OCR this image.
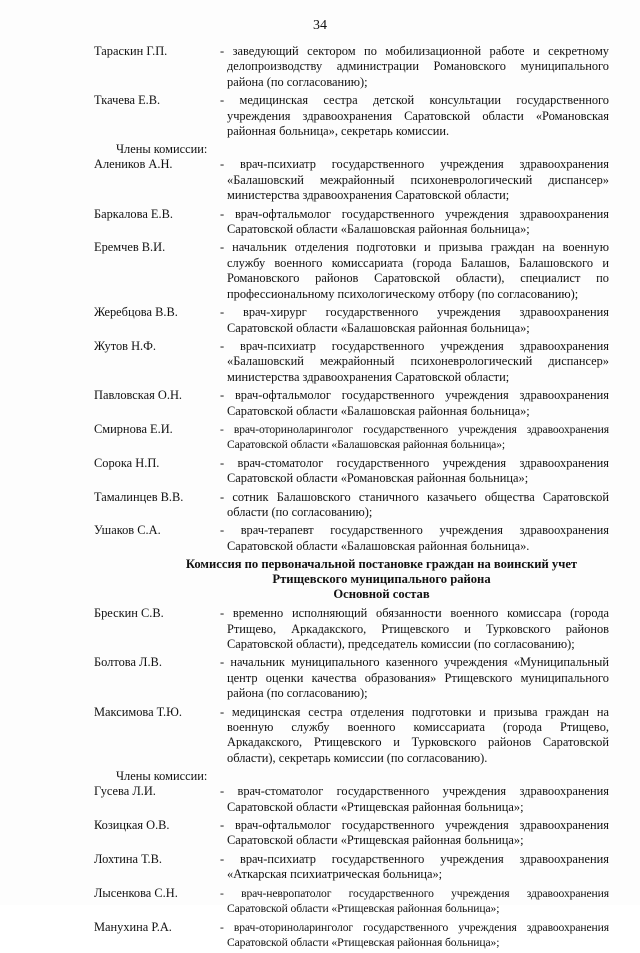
34
Тараскин Г.П.	- заведующий сектором по мобилизационной работе и секретному делопроизводству администрации Романовского муниципального района (по согласованию);
Ткачева Е.В.	- медицинская сестра детской консультации государственного учреждения здравоохранения Саратовской области «Романовская районная больница», секретарь комиссии.
Члены комиссии:
Алеников А.Н.	- врач-психиатр государственного учреждения здравоохранения «Балашовский межрайонный психоневрологический диспансер» министерства здравоохранения Саратовской области;
Баркалова Е.В.	- врач-офтальмолог государственного учреждения здравоохранения Саратовской области «Балашовская районная больница»;
Еремчев В.И.	- начальник отделения подготовки и призыва граждан на военную службу военного комиссариата (города Балашов, Балашовского и Романовского районов Саратовской области), специалист по профессиональному психологическому отбору (по согласованию);
Жеребцова В.В.	- врач-хирург государственного учреждения здравоохранения Саратовской области «Балашовская районная больница»;
Жутов Н.Ф.	- врач-психиатр государственного учреждения здравоохранения «Балашовский межрайонный психоневрологический диспансер» министерства здравоохранения Саратовской области;
Павловская О.Н.	- врач-офтальмолог государственного учреждения здравоохранения Саратовской области «Балашовская районная больница»;
Смирнова Е.И.	- врач-оториноларинголог государственного учреждения здравоохранения Саратовской области «Балашовская районная больница»;
Сорока Н.П.	- врач-стоматолог государственного учреждения здравоохранения Саратовской области «Романовская районная больница»;
Тамалинцев В.В.	- сотник Балашовского станичного казачьего общества Саратовской области (по согласованию);
Ушаков С.А.	- врач-терапевт государственного учреждения здравоохранения Саратовской области «Балашовская районная больница».
Комиссия по первоначальной постановке граждан на воинский учет
Ртищевского муниципального района
Основной состав
Брескин С.В.	- временно исполняющий обязанности военного комиссара (города Ртищево, Аркадакского, Ртищевского и Турковского районов Саратовской области), председатель комиссии (по согласованию);
Болтова Л.В.	- начальник муниципального казенного учреждения «Муниципальный центр оценки качества образования» Ртищевского муниципального района (по согласованию);
Максимова Т.Ю.	- медицинская сестра отделения подготовки и призыва граждан на военную службу военного комиссариата (города Ртищево, Аркадакского, Ртищевского и Турковского районов Саратовской области), секретарь комиссии (по согласованию).
Члены комиссии:
Гусева Л.И.	- врач-стоматолог государственного учреждения здравоохранения Саратовской области «Ртищевская районная больница»;
Козицкая О.В.	- врач-офтальмолог государственного учреждения здравоохранения Саратовской области «Ртищевская районная больница»;
Лохтина Т.В.	- врач-психиатр государственного учреждения здравоохранения «Аткарская психиатрическая больница»;
Лысенкова С.Н.	- врач-невропатолог государственного учреждения здравоохранения Саратовской области «Ртищевская районная больница»;
Манухина Р.А.	- врач-оториноларинголог государственного учреждения здравоохранения Саратовской области «Ртищевская районная больница»;
